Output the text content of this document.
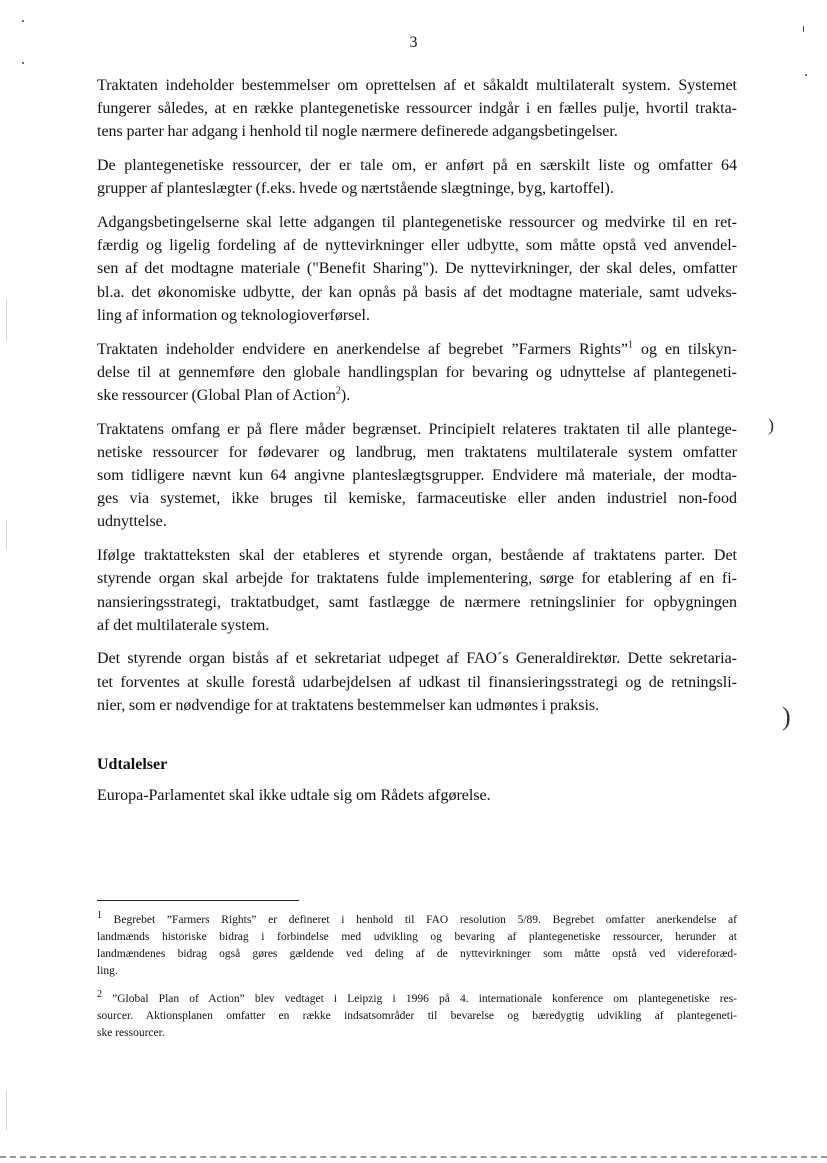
3

Traktaten indeholder bestemmelser om oprettelsen af et såkaldt multilateralt system. Systemet
fungerer således, at en række plantegenetiske ressourcer indgår i en fælles pulje, hvortil trakta-
tens parter har adgang i henhold til nogle nærmere definerede adgangsbetingelser.

De plantegenetiske ressourcer, der er tale om, er anført på en særskilt liste og omfatter 64
grupper af planteslægter (f.eks. hvede og nærtstående slægtninge, byg, kartoffel).

Adgangsbetingelserne skal lette adgangen til plantegenetiske ressourcer og medvirke til en ret-
færdig og ligelig fordeling af de nyttevirkninger eller udbytte, som måtte opstå ved anvendel-
sen af det modtagne materiale ("Benefit Sharing"). De nyttevirkninger, der skal deles, omfatter
bl.a. det økonomiske udbytte, der kan opnås på basis af det modtagne materiale, samt udveks-
ling af information og teknologioverførsel.

Traktaten indeholder endvidere en anerkendelse af begrebet ”Farmers Rights”$^1$ og en tilskyn-
delse til at gennemføre den globale handlingsplan for bevaring og udnyttelse af plantegeneti-
ske ressourcer (Global Plan of Action$^2$).

Traktatens omfang er på flere måder begrænset. Principielt relateres traktaten til alle plantege-
netiske ressourcer for fødevarer og landbrug, men traktatens multilaterale system omfatter
som tidligere nævnt kun 64 angivne planteslægtsgrupper. Endvidere må materiale, der modta-
ges via systemet, ikke bruges til kemiske, farmaceutiske eller anden industriel non-food
udnyttelse.

Ifølge traktatteksten skal der etableres et styrende organ, bestående af traktatens parter. Det
styrende organ skal arbejde for traktatens fulde implementering, sørge for etablering af en fi-
nansieringsstrategi, traktatbudget, samt fastlægge de nærmere retningslinier for opbygningen
af det multilaterale system.

Det styrende organ bistås af et sekretariat udpeget af FAO´s Generaldirektør. Dette sekretaria-
tet forventes at skulle forestå udarbejdelsen af udkast til finansieringsstrategi og de retningsli-
nier, som er nødvendige for at traktatens bestemmelser kan udmøntes i praksis.

Udtalelser
Europa-Parlamentet skal ikke udtale sig om Rådets afgørelse.

$^1$ Begrebet ”Farmers Rights” er defineret i henhold til FAO resolution 5/89. Begrebet omfatter anerkendelse af
landmænds historiske bidrag i forbindelse med udvikling og bevaring af plantegenetiske ressourcer, herunder at
landmændenes bidrag også gøres gældende ved deling af de nyttevirkninger som måtte opstå ved videreforæd-
ling.

$^2$ ”Global Plan of Action” blev vedtaget i Leipzig i 1996 på 4. internationale konference om plantegenetiske res-
sourcer. Aktionsplanen omfatter en række indsatsområder til bevarelse og bæredygtig udvikling af plantegeneti-
ske ressourcer.

)
)
